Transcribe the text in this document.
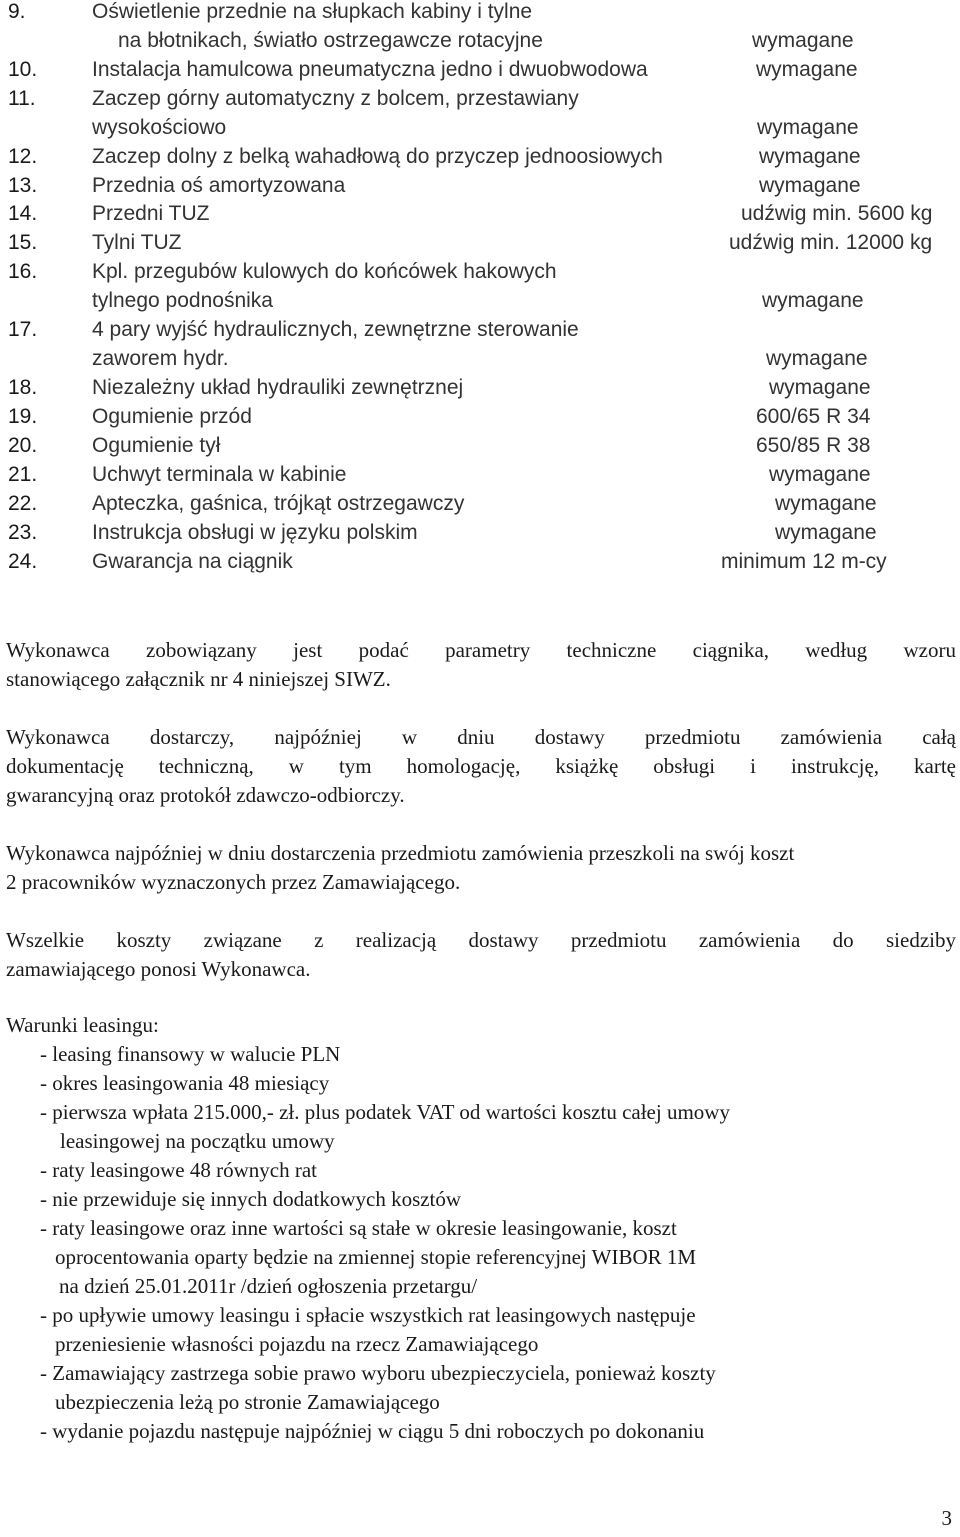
9.	Oświetlenie przednie na słupkach kabiny i tylne
na błotnikach, światło ostrzegawcze rotacyjne	wymagane
10.	Instalacja hamulcowa pneumatyczna jedno i dwuobwodowa	wymagane
11.	Zaczep górny automatyczny z bolcem, przestawiany
wysokościowo	wymagane
12.	Zaczep dolny z belką wahadłową do przyczep jednoosiowych	wymagane
13.	Przednia oś amortyzowana	wymagane
14.	Przedni TUZ	udźwig min. 5600 kg
15.	Tylni TUZ	udźwig min. 12000 kg
16.	Kpl. przegubów kulowych do końcówek hakowych
tylnego podnośnika	wymagane
17.	4 pary wyjść hydraulicznych, zewnętrzne sterowanie
zaworem hydr.	wymagane
18.	Niezależny układ hydrauliki zewnętrznej	wymagane
19.	Ogumienie przód	600/65 R 34
20.	Ogumienie tył	650/85 R 38
21.	Uchwyt terminala w kabinie	wymagane
22.	Apteczka, gaśnica, trójkąt ostrzegawczy	wymagane
23.	Instrukcja obsługi w języku polskim	wymagane
24.	Gwarancja na ciągnik	minimum 12 m-cy
Wykonawca zobowiązany jest podać parametry techniczne ciągnika, według wzoru
stanowiącego załącznik nr 4 niniejszej SIWZ.
Wykonawca dostarczy, najpóźniej w dniu dostawy przedmiotu zamówienia całą
dokumentację techniczną, w tym homologację, książkę obsługi i instrukcję, kartę
gwarancyjną oraz protokół zdawczo-odbiorczy.
Wykonawca najpóźniej w dniu dostarczenia przedmiotu zamówienia przeszkoli na swój koszt
2 pracowników wyznaczonych przez Zamawiającego.
Wszelkie koszty związane z realizacją dostawy przedmiotu zamówienia do siedziby
zamawiającego ponosi Wykonawca.
Warunki leasingu:
- leasing finansowy w walucie PLN
- okres leasingowania 48 miesiący
- pierwsza wpłata 215.000,- zł. plus podatek VAT od wartości kosztu całej umowy
leasingowej na początku umowy
- raty leasingowe 48 równych rat
- nie przewiduje się innych dodatkowych kosztów
- raty leasingowe oraz inne wartości są stałe w okresie leasingowanie, koszt
oprocentowania oparty będzie na zmiennej stopie referencyjnej WIBOR 1M
na dzień 25.01.2011r /dzień ogłoszenia przetargu/
- po upływie umowy leasingu i spłacie wszystkich rat leasingowych następuje
przeniesienie własności pojazdu na rzecz Zamawiającego
- Zamawiający zastrzega sobie prawo wyboru ubezpieczyciela, ponieważ koszty
ubezpieczenia leżą po stronie Zamawiającego
- wydanie pojazdu następuje najpóźniej w ciągu 5 dni roboczych po dokonaniu
3
